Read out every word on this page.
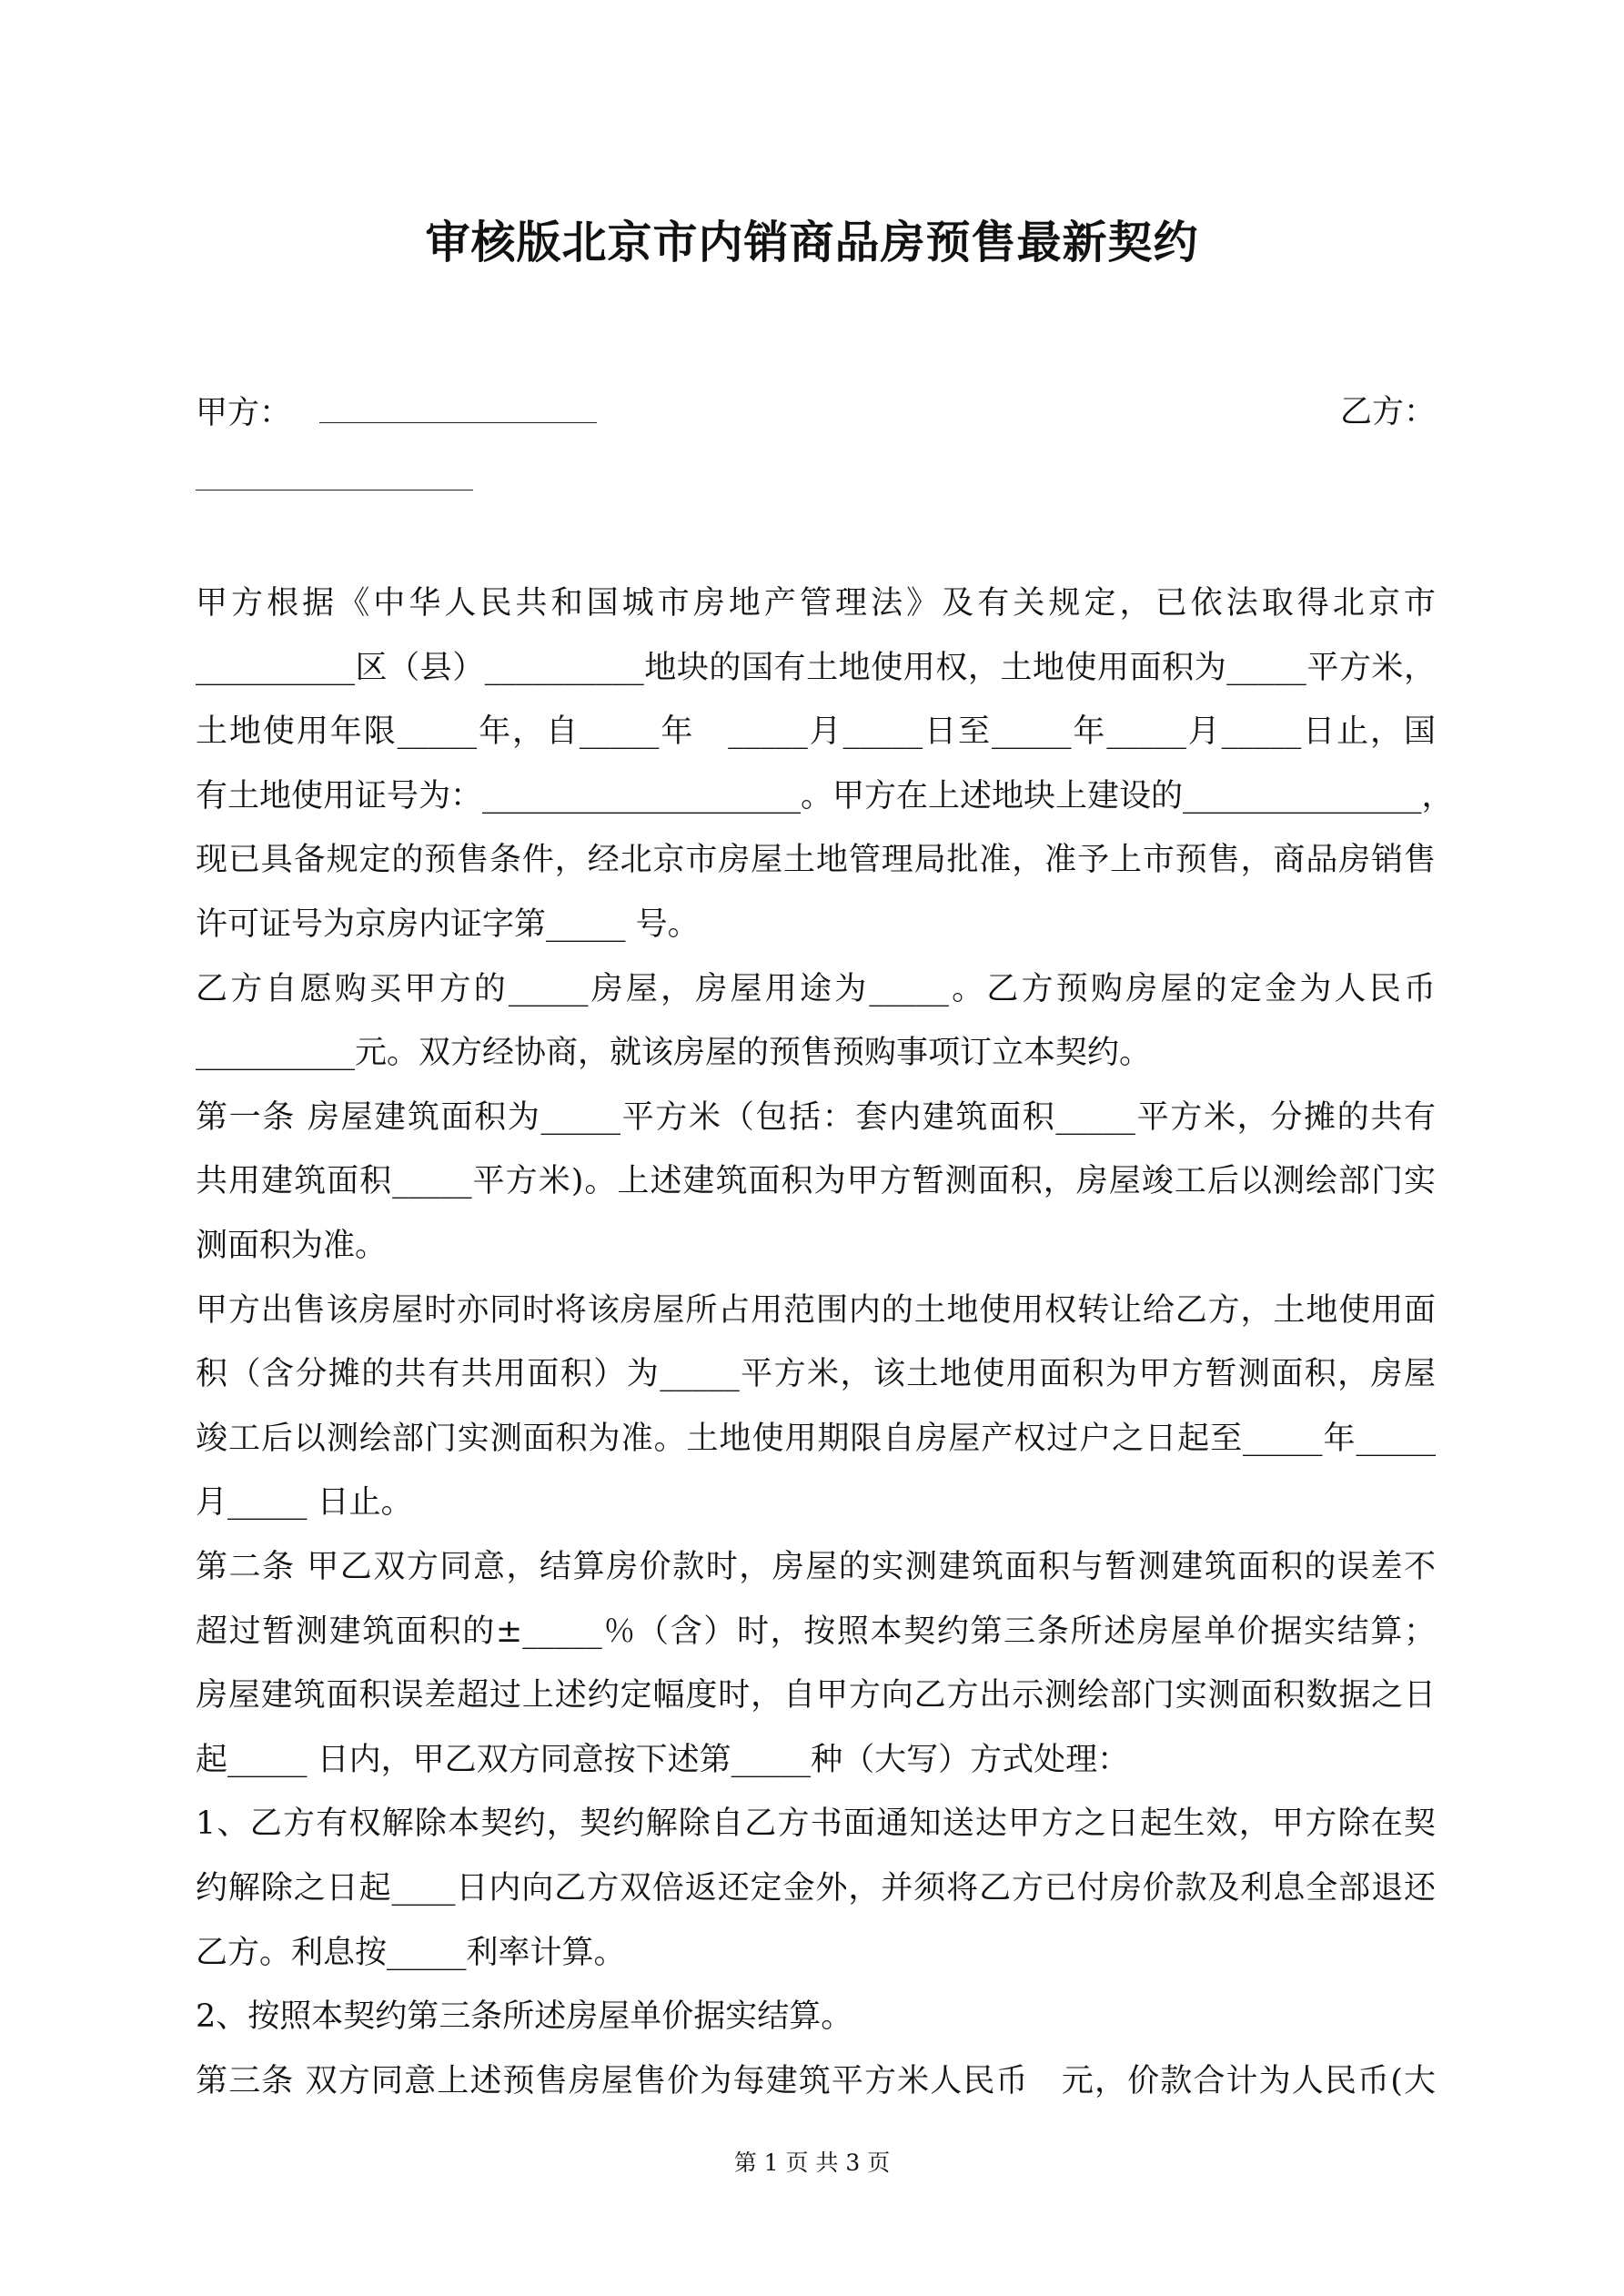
审核版北京市内销商品房预售最新契约
甲方：	乙方：
甲方根据《中华人民共和国城市房地产管理法》及有关规定，已依法取得北京市
__________区（县）__________地块的国有土地使用权，土地使用面积为_____平方米，
土地使用年限_____年，自_____年　_____月_____日至_____年_____月_____日止，国
有土地使用证号为：____________________。甲方在上述地块上建设的_______________，
现已具备规定的预售条件，经北京市房屋土地管理局批准，准予上市预售，商品房销售
许可证号为京房内证字第_____ 号。
乙方自愿购买甲方的_____房屋，房屋用途为_____。乙方预购房屋的定金为人民币
__________元。双方经协商，就该房屋的预售预购事项订立本契约。
第一条 房屋建筑面积为_____平方米（包括：套内建筑面积_____平方米，分摊的共有
共用建筑面积_____平方米)。上述建筑面积为甲方暂测面积，房屋竣工后以测绘部门实
测面积为准。
甲方出售该房屋时亦同时将该房屋所占用范围内的土地使用权转让给乙方，土地使用面
积（含分摊的共有共用面积）为_____平方米，该土地使用面积为甲方暂测面积，房屋
竣工后以测绘部门实测面积为准。土地使用期限自房屋产权过户之日起至_____年_____
月_____ 日止。
第二条 甲乙双方同意，结算房价款时，房屋的实测建筑面积与暂测建筑面积的误差不
超过暂测建筑面积的±_____％（含）时，按照本契约第三条所述房屋单价据实结算；
房屋建筑面积误差超过上述约定幅度时，自甲方向乙方出示测绘部门实测面积数据之日
起_____ 日内，甲乙双方同意按下述第_____种（大写）方式处理：
1、乙方有权解除本契约，契约解除自乙方书面通知送达甲方之日起生效，甲方除在契
约解除之日起____日内向乙方双倍返还定金外，并须将乙方已付房价款及利息全部退还
乙方。利息按_____利率计算。
2、按照本契约第三条所述房屋单价据实结算。
第三条 双方同意上述预售房屋售价为每建筑平方米人民币　元，价款合计为人民币(大
第 1 页 共 3 页
